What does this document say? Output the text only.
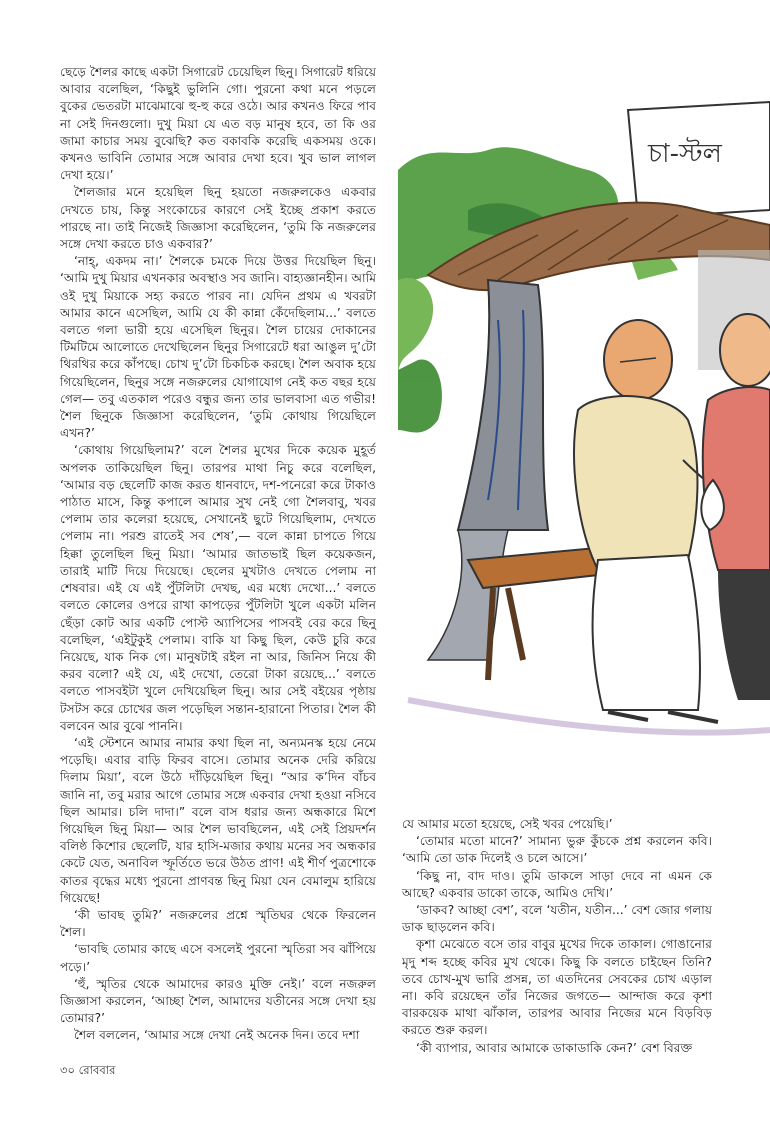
ছেড়ে শৈলর কাছে একটা সিগারেট চেয়েছিল ছিনু। সিগারেট ধরিয়ে আবার বলেছিল, ‘কিছুই ভুলিনি গো। পুরনো কথা মনে পড়লে বুকের ভেতরটা মাঝেমাঝে হু-হু করে ওঠে। আর কখনও ফিরে পাব না সেই দিনগুলো। দুখু মিয়া যে এত বড় মানুষ হবে, তা কি ওর জামা কাচার সময় বুঝেছি? কত বকাবকি করেছি একসময় ওকে। কখনও ভাবিনি তোমার সঙ্গে আবার দেখা হবে। খুব ভাল লাগল দেখা হয়ে।’

শৈলজার মনে হয়েছিল ছিনু হয়তো নজরুলকেও একবার দেখতে চায়, কিন্তু সংকোচের কারণে সেই ইচ্ছে প্রকাশ করতে পারছে না। তাই নিজেই জিজ্ঞাসা করেছিলেন, ‘তুমি কি নজরুলের সঙ্গে দেখা করতে চাও একবার?’

‘নাহ্, একদম না।’ শৈলকে চমকে দিয়ে উত্তর দিয়েছিল ছিনু। ‘আমি দুখু মিয়ার এখনকার অবস্থাও সব জানি। বাহ্যজ্ঞানহীন। আমি ওই দুখু মিয়াকে সহ্য করতে পারব না। যেদিন প্রথম এ খবরটা আমার কানে এসেছিল, আমি যে কী কান্না কেঁদেছিলাম...’ বলতে বলতে গলা ভারী হয়ে এসেছিল ছিনুর। শৈল চায়ের দোকানের টিমটিমে আলোতে দেখেছিলেন ছিনুর সিগারেটে ধরা আঙুল দু’টো থিরথির করে কাঁপছে। চোখ দু’টো চিকচিক করছে। শৈল অবাক হয়ে গিয়েছিলেন, ছিনুর সঙ্গে নজরুলের যোগাযোগ নেই কত বছর হয়ে গেল— তবু এতকাল পরেও বন্ধুর জন্য তার ভালবাসা এত গভীর! শৈল ছিনুকে জিজ্ঞাসা করেছিলেন, ‘তুমি কোথায় গিয়েছিলে এখন?’

‘কোথায় গিয়েছিলাম?’ বলে শৈলর মুখের দিকে কয়েক মুহূর্ত অপলক তাকিয়েছিল ছিনু। তারপর মাথা নিচু করে বলেছিল, ‘আমার বড় ছেলেটি কাজ করত ধানবাদে, দশ-পনেরো করে টাকাও পাঠাত মাসে, কিন্তু কপালে আমার সুখ নেই গো শৈলবাবু, খবর পেলাম তার কলেরা হয়েছে, সেখানেই ছুটে গিয়েছিলাম, দেখতে পেলাম না। পরশু রাতেই সব শেষ’,— বলে কান্না চাপতে গিয়ে হিক্কা তুলেছিল ছিনু মিয়া। ‘আমার জাতভাই ছিল কয়েকজন, তারাই মাটি দিয়ে দিয়েছে। ছেলের মুখটাও দেখতে পেলাম না শেষবার। এই যে এই পুঁটলিটা দেখছ, এর মধ্যে দেখো...’ বলতে বলতে কোলের ওপরে রাখা কাপড়ের পুঁটলিটা খুলে একটা মলিন ছেঁড়া কোট আর একটি পোস্ট অ্যাপিসের পাসবই বের করে ছিনু বলেছিল, ‘এইটুকুই পেলাম। বাকি যা কিছু ছিল, কেউ চুরি করে নিয়েছে, যাক নিক গে। মানুষটাই রইল না আর, জিনিস নিয়ে কী করব বলো? এই যে, এই দেখো, তেরো টাকা রয়েছে...’ বলতে বলতে পাসবইটা খুলে দেখিয়েছিল ছিনু। আর সেই বইয়ের পৃষ্ঠায় টসটস করে চোখের জল পড়েছিল সন্তান-হারানো পিতার। শৈল কী বলবেন আর বুঝে পাননি।

‘এই স্টেশনে আমার নামার কথা ছিল না, অন্যমনস্ক হয়ে নেমে পড়েছি। এবার বাড়ি ফিরব বাসে। তোমার অনেক দেরি করিয়ে দিলাম মিয়া’, বলে উঠে দাঁড়িয়েছিল ছিনু। “আর ক’দিন বাঁচব জানি না, তবু মরার আগে তোমার সঙ্গে একবার দেখা হওয়া নসিবে ছিল আমার। চলি দাদা।” বলে বাস ধরার জন্য অন্ধকারে মিশে গিয়েছিল ছিনু মিয়া— আর শৈল ভাবছিলেন, এই সেই প্রিয়দর্শন বলিষ্ঠ কিশোর ছেলেটি, যার হাসি-মজার কথায় মনের সব অন্ধকার কেটে যেত, অনাবিল স্ফূর্তিতে ভরে উঠত প্রাণ! এই শীর্ণ পুত্রশোকে কাতর বৃদ্ধের মধ্যে পুরনো প্রাণবন্ত ছিনু মিয়া যেন বেমালুম হারিয়ে গিয়েছে!

‘কী ভাবছ তুমি?’ নজরুলের প্রশ্নে স্মৃতিঘর থেকে ফিরলেন শৈল।

‘ভাবছি তোমার কাছে এসে বসলেই পুরনো স্মৃতিরা সব ঝাঁপিয়ে পড়ে।’

‘হুঁ, স্মৃতির থেকে আমাদের কারও মুক্তি নেই।’ বলে নজরুল জিজ্ঞাসা করলেন, ‘আচ্ছা শৈল, আমাদের যতীনের সঙ্গে দেখা হয় তোমার?’

শৈল বললেন, ‘আমার সঙ্গে দেখা নেই অনেক দিন। তবে দশা

চা-স্টল

যে আমার মতো হয়েছে, সেই খবর পেয়েছি।’

‘তোমার মতো মানে?’ সামান্য ভুরু কুঁচকে প্রশ্ন করলেন কবি। ‘আমি তো ডাক দিলেই ও চলে আসে।’

‘কিছু না, বাদ দাও। তুমি ডাকলে সাড়া দেবে না এমন কে আছে? একবার ডাকো তাকে, আমিও দেখি।’

‘ডাকব? আচ্ছা বেশ’, বলে ‘যতীন, যতীন...’ বেশ জোর গলায় ডাক ছাড়লেন কবি।

কৃশা মেঝেতে বসে তার বাবুর মুখের দিকে তাকাল। গোঙানোর মৃদু শব্দ হচ্ছে কবির মুখ থেকে। কিছু কি বলতে চাইছেন তিনি? তবে চোখ-মুখ ভারি প্রসন্ন, তা এতদিনের সেবকের চোখ এড়াল না। কবি রয়েছেন তাঁর নিজের জগতে— আন্দাজ করে কৃশা বারকয়েক মাথা ঝাঁকাল, তারপর আবার নিজের মনে বিড়বিড় করতে শুরু করল।

‘কী ব্যাপার, আবার আমাকে ডাকাডাকি কেন?’ বেশ বিরক্ত

৩০ রোববার
